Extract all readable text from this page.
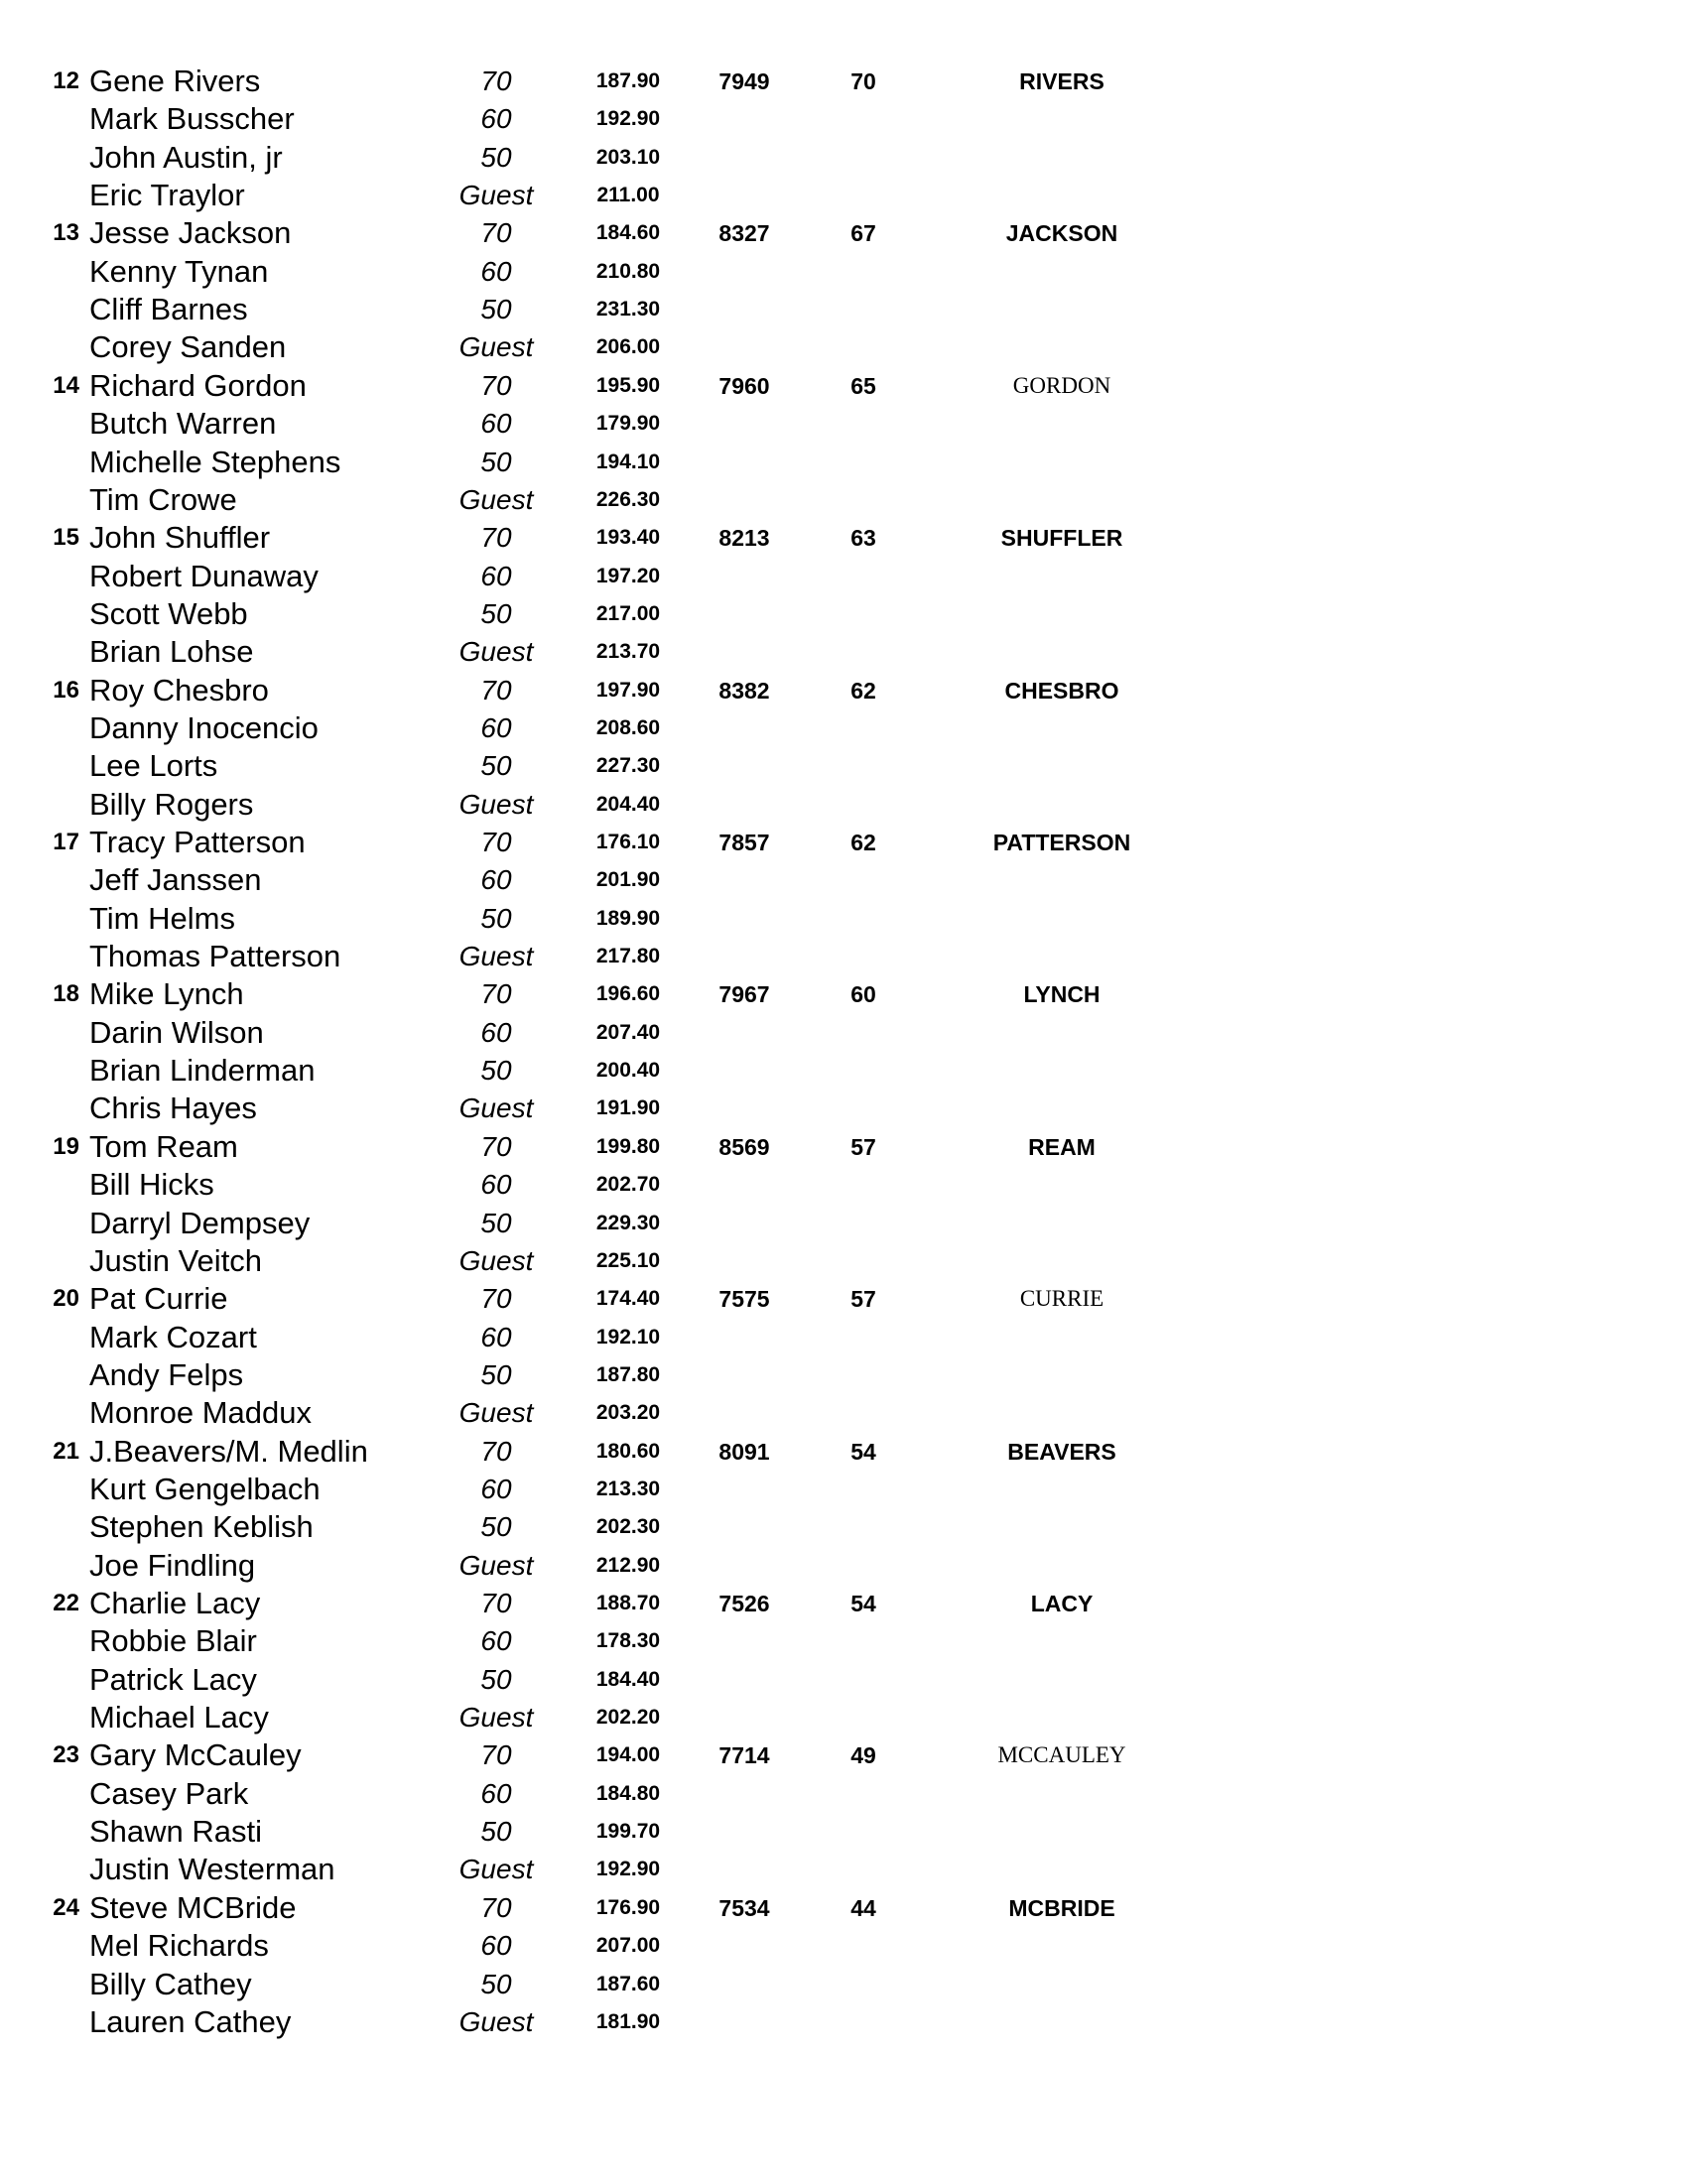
12 Gene Rivers	70	187.90	7949	70	RIVERS
Mark Busscher	60	192.90
John Austin, jr	50	203.10
Eric Traylor	Guest	211.00
13 Jesse Jackson	70	184.60	8327	67	JACKSON
Kenny Tynan	60	210.80
Cliff Barnes	50	231.30
Corey Sanden	Guest	206.00
14 Richard Gordon	70	195.90	7960	65	GORDON
Butch Warren	60	179.90
Michelle Stephens	50	194.10
Tim Crowe	Guest	226.30
15 John Shuffler	70	193.40	8213	63	SHUFFLER
Robert Dunaway	60	197.20
Scott Webb	50	217.00
Brian Lohse	Guest	213.70
16 Roy Chesbro	70	197.90	8382	62	CHESBRO
Danny Inocencio	60	208.60
Lee Lorts	50	227.30
Billy Rogers	Guest	204.40
17 Tracy Patterson	70	176.10	7857	62	PATTERSON
Jeff Janssen	60	201.90
Tim Helms	50	189.90
Thomas Patterson	Guest	217.80
18 Mike Lynch	70	196.60	7967	60	LYNCH
Darin Wilson	60	207.40
Brian Linderman	50	200.40
Chris Hayes	Guest	191.90
19 Tom Ream	70	199.80	8569	57	REAM
Bill Hicks	60	202.70
Darryl Dempsey	50	229.30
Justin Veitch	Guest	225.10
20 Pat Currie	70	174.40	7575	57	CURRIE
Mark Cozart	60	192.10
Andy Felps	50	187.80
Monroe Maddux	Guest	203.20
21 J.Beavers/M. Medlin	70	180.60	8091	54	BEAVERS
Kurt Gengelbach	60	213.30
Stephen Keblish	50	202.30
Joe Findling	Guest	212.90
22 Charlie Lacy	70	188.70	7526	54	LACY
Robbie Blair	60	178.30
Patrick Lacy	50	184.40
Michael Lacy	Guest	202.20
23 Gary McCauley	70	194.00	7714	49	MCCAULEY
Casey Park	60	184.80
Shawn Rasti	50	199.70
Justin Westerman	Guest	192.90
24 Steve MCBride	70	176.90	7534	44	MCBRIDE
Mel Richards	60	207.00
Billy Cathey	50	187.60
Lauren Cathey	Guest	181.90
